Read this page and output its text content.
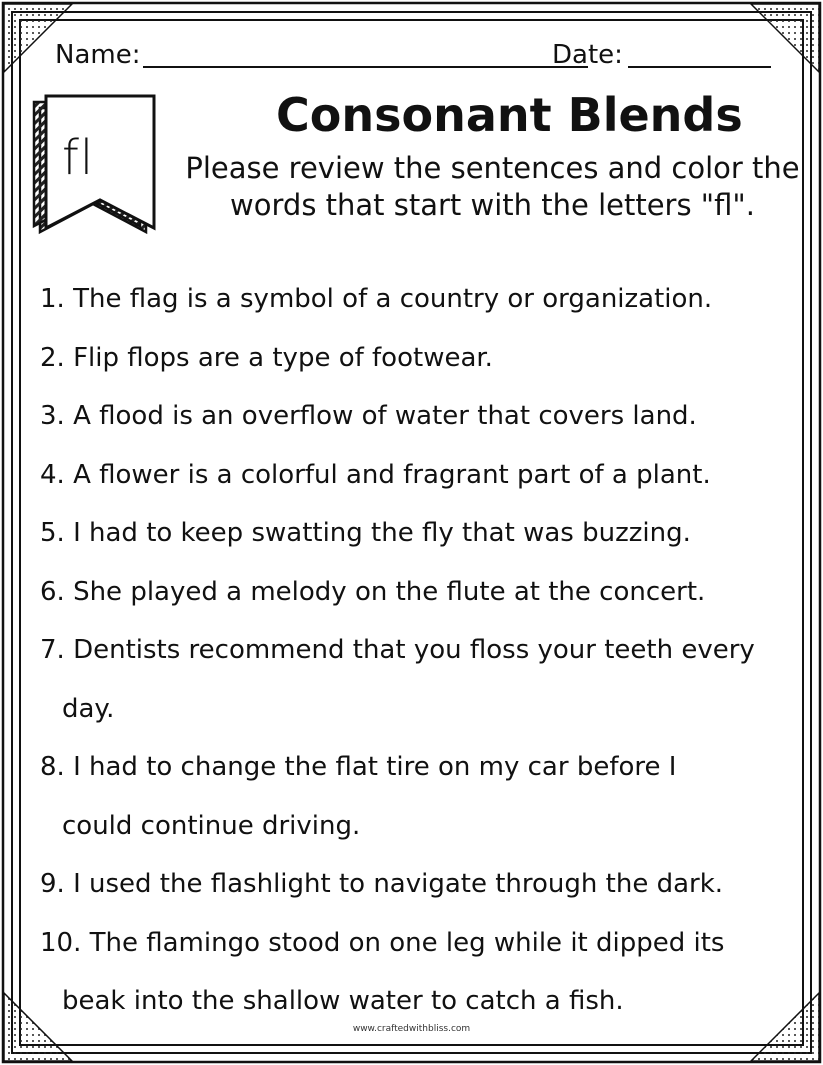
Name:	Date:
fl
Consonant Blends
Please review the sentences and color the words that start with the letters "fl".
1. The flag is a symbol of a country or organization.
2. Flip flops are a type of footwear.
3. A flood is an overflow of water that covers land.
4. A flower is a colorful and fragrant part of a plant.
5. I had to keep swatting the fly that was buzzing.
6. She played a melody on the flute at the concert.
7. Dentists recommend that you floss your teeth every
day.
8. I had to change the flat tire on my car before I
could continue driving.
9. I used the flashlight to navigate through the dark.
10. The flamingo stood on one leg while it dipped its
beak into the shallow water to catch a fish.
www.craftedwithbliss.com
